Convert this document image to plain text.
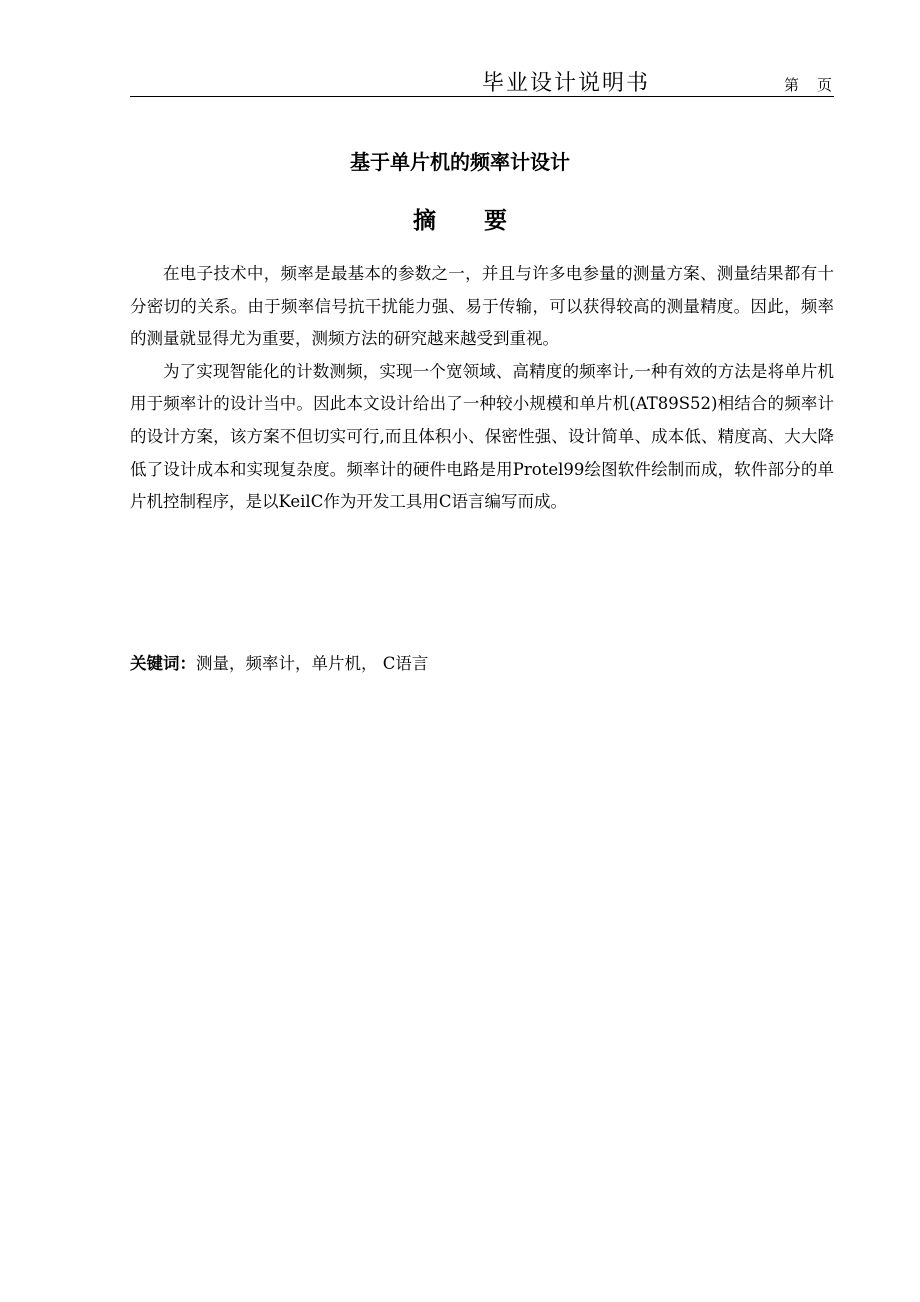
毕业设计说明书	第 页
基于单片机的频率计设计
摘要

在电子技术中，频率是最基本的参数之一，并且与许多电参量的测量方案、测量结果都有十分密切的关系。由于频率信号抗干扰能力强、易于传输，可以获得较高的测量精度。因此，频率的测量就显得尤为重要，测频方法的研究越来越受到重视。

为了实现智能化的计数测频，实现一个宽领域、高精度的频率计,一种有效的方法是将单片机用于频率计的设计当中。因此本文设计给出了一种较小规模和单片机(AT89S52)相结合的频率计的设计方案，该方案不但切实可行,而且体积小、保密性强、设计简单、成本低、精度高、大大降低了设计成本和实现复杂度。频率计的硬件电路是用Protel99绘图软件绘制而成，软件部分的单片机控制程序，是以KeilC作为开发工具用C语言编写而成。

关键词：测量，频率计，单片机， C语言
